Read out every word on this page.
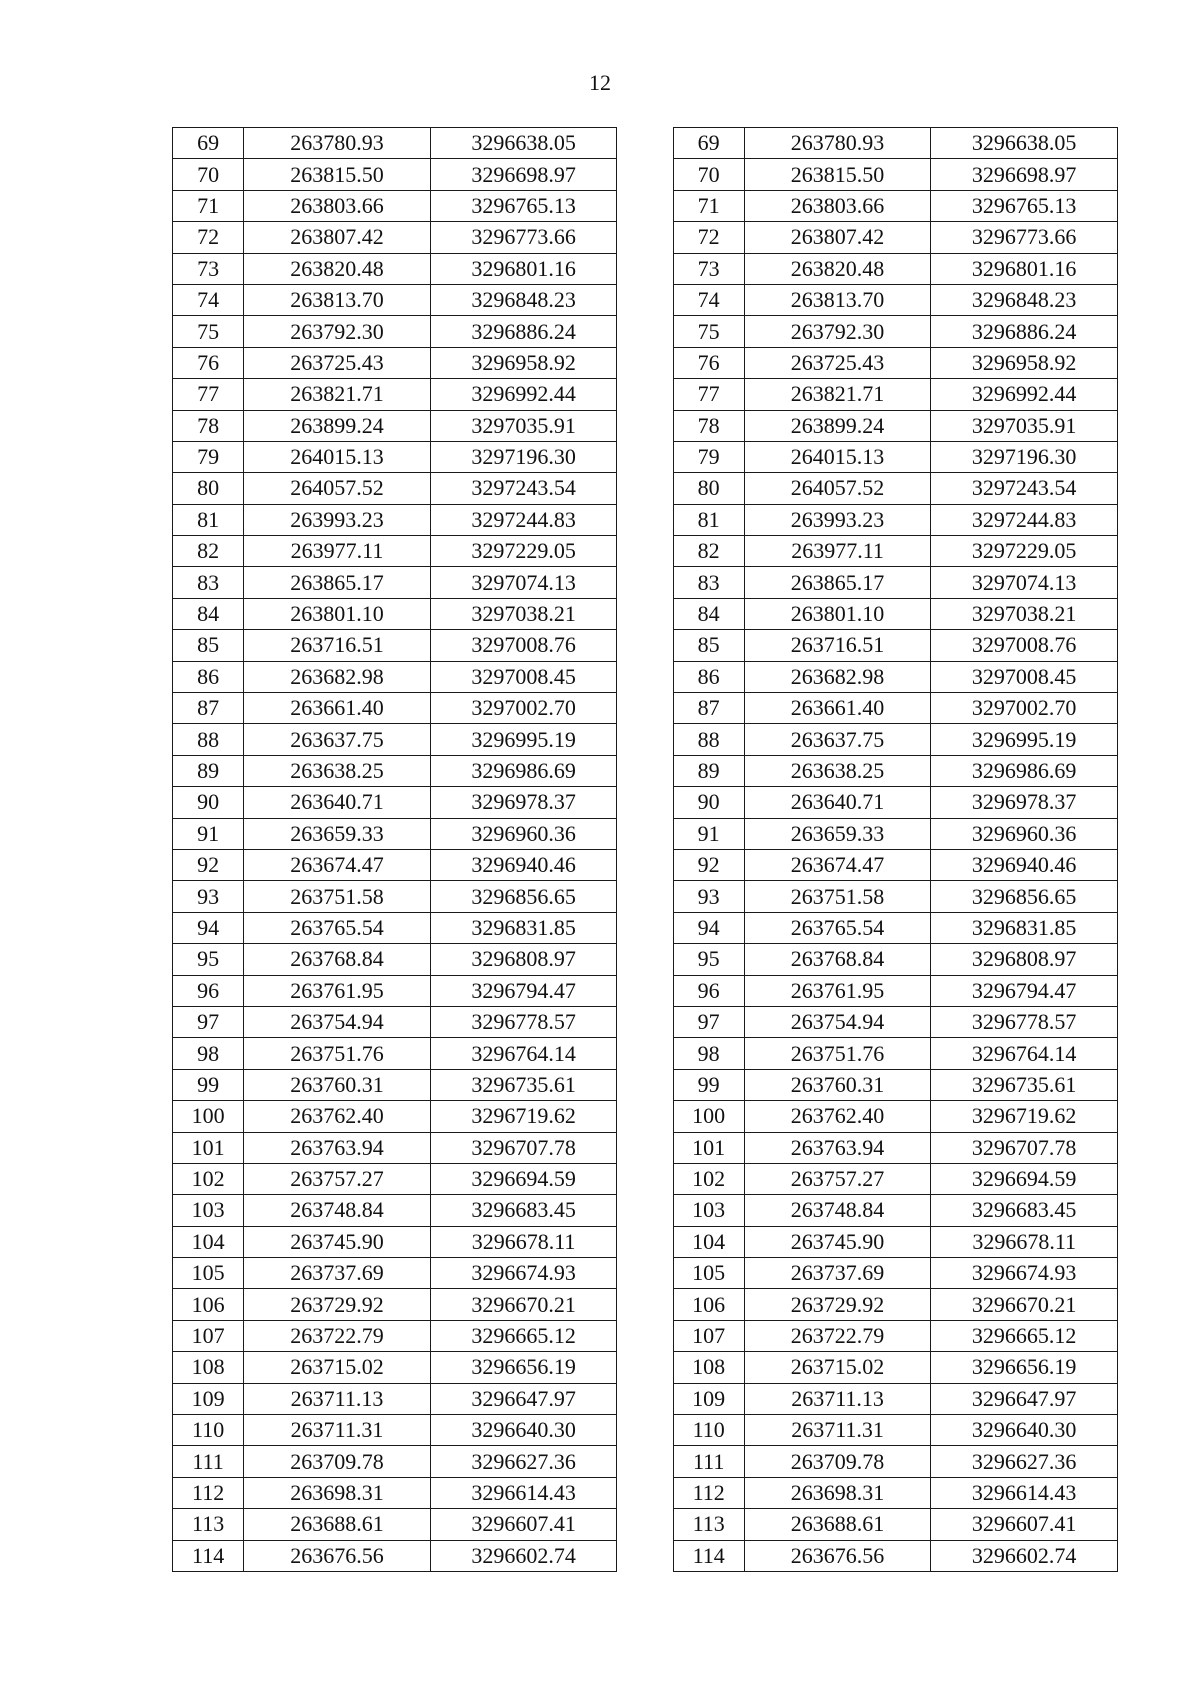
12
69	263780.93	3296638.05		69	263780.93	3296638.05
70	263815.50	3296698.97		70	263815.50	3296698.97
71	263803.66	3296765.13		71	263803.66	3296765.13
72	263807.42	3296773.66		72	263807.42	3296773.66
73	263820.48	3296801.16		73	263820.48	3296801.16
74	263813.70	3296848.23		74	263813.70	3296848.23
75	263792.30	3296886.24		75	263792.30	3296886.24
76	263725.43	3296958.92		76	263725.43	3296958.92
77	263821.71	3296992.44		77	263821.71	3296992.44
78	263899.24	3297035.91		78	263899.24	3297035.91
79	264015.13	3297196.30		79	264015.13	3297196.30
80	264057.52	3297243.54		80	264057.52	3297243.54
81	263993.23	3297244.83		81	263993.23	3297244.83
82	263977.11	3297229.05		82	263977.11	3297229.05
83	263865.17	3297074.13		83	263865.17	3297074.13
84	263801.10	3297038.21		84	263801.10	3297038.21
85	263716.51	3297008.76		85	263716.51	3297008.76
86	263682.98	3297008.45		86	263682.98	3297008.45
87	263661.40	3297002.70		87	263661.40	3297002.70
88	263637.75	3296995.19		88	263637.75	3296995.19
89	263638.25	3296986.69		89	263638.25	3296986.69
90	263640.71	3296978.37		90	263640.71	3296978.37
91	263659.33	3296960.36		91	263659.33	3296960.36
92	263674.47	3296940.46		92	263674.47	3296940.46
93	263751.58	3296856.65		93	263751.58	3296856.65
94	263765.54	3296831.85		94	263765.54	3296831.85
95	263768.84	3296808.97		95	263768.84	3296808.97
96	263761.95	3296794.47		96	263761.95	3296794.47
97	263754.94	3296778.57		97	263754.94	3296778.57
98	263751.76	3296764.14		98	263751.76	3296764.14
99	263760.31	3296735.61		99	263760.31	3296735.61
100	263762.40	3296719.62		100	263762.40	3296719.62
101	263763.94	3296707.78		101	263763.94	3296707.78
102	263757.27	3296694.59		102	263757.27	3296694.59
103	263748.84	3296683.45		103	263748.84	3296683.45
104	263745.90	3296678.11		104	263745.90	3296678.11
105	263737.69	3296674.93		105	263737.69	3296674.93
106	263729.92	3296670.21		106	263729.92	3296670.21
107	263722.79	3296665.12		107	263722.79	3296665.12
108	263715.02	3296656.19		108	263715.02	3296656.19
109	263711.13	3296647.97		109	263711.13	3296647.97
110	263711.31	3296640.30		110	263711.31	3296640.30
111	263709.78	3296627.36		111	263709.78	3296627.36
112	263698.31	3296614.43		112	263698.31	3296614.43
113	263688.61	3296607.41		113	263688.61	3296607.41
114	263676.56	3296602.74		114	263676.56	3296602.74
